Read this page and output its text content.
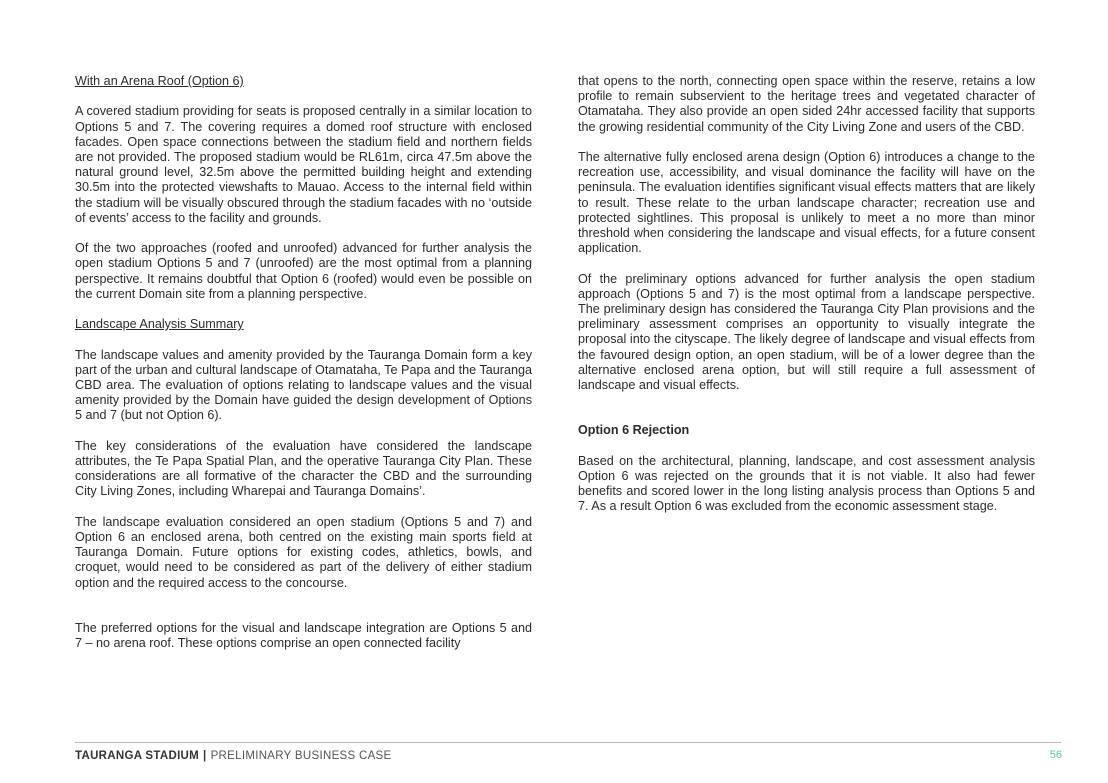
With an Arena Roof (Option 6)

A covered stadium providing for seats is proposed centrally in a similar location to Options 5 and 7. The covering requires a domed roof structure with enclosed facades. Open space connections between the stadium field and northern fields are not provided. The proposed stadium would be RL61m, circa 47.5m above the natural ground level, 32.5m above the permitted building height and extending 30.5m into the protected viewshafts to Mauao. Access to the internal field within the stadium will be visually obscured through the stadium facades with no ‘outside of events’ access to the facility and grounds.

Of the two approaches (roofed and unroofed) advanced for further analysis the open stadium Options 5 and 7 (unroofed) are the most optimal from a planning perspective. It remains doubtful that Option 6 (roofed) would even be possible on the current Domain site from a planning perspective.

Landscape Analysis Summary

The landscape values and amenity provided by the Tauranga Domain form a key part of the urban and cultural landscape of Otamataha, Te Papa and the Tauranga CBD area. The evaluation of options relating to landscape values and the visual amenity provided by the Domain have guided the design development of Options 5 and 7 (but not Option 6).

The key considerations of the evaluation have considered the landscape attributes, the Te Papa Spatial Plan, and the operative Tauranga City Plan. These considerations are all formative of the character the CBD and the surrounding City Living Zones, including Wharepai and Tauranga Domains’.

The landscape evaluation considered an open stadium (Options 5 and 7) and Option 6 an enclosed arena, both centred on the existing main sports field at Tauranga Domain. Future options for existing codes, athletics, bowls, and croquet, would need to be considered as part of the delivery of either stadium option and the required access to the concourse.

The preferred options for the visual and landscape integration are Options 5 and 7 – no arena roof. These options comprise an open connected facility

that opens to the north, connecting open space within the reserve, retains a low profile to remain subservient to the heritage trees and vegetated character of Otamataha. They also provide an open sided 24hr accessed facility that supports the growing residential community of the City Living Zone and users of the CBD.

The alternative fully enclosed arena design (Option 6) introduces a change to the recreation use, accessibility, and visual dominance the facility will have on the peninsula. The evaluation identifies significant visual effects matters that are likely to result. These relate to the urban landscape character; recreation use and protected sightlines. This proposal is unlikely to meet a no more than minor threshold when considering the landscape and visual effects, for a future consent application.

Of the preliminary options advanced for further analysis the open stadium approach (Options 5 and 7) is the most optimal from a landscape perspective. The preliminary design has considered the Tauranga City Plan provisions and the preliminary assessment comprises an opportunity to visually integrate the proposal into the cityscape. The likely degree of landscape and visual effects from the favoured design option, an open stadium, will be of a lower degree than the alternative enclosed arena option, but will still require a full assessment of landscape and visual effects.

Option 6 Rejection

Based on the architectural, planning, landscape, and cost assessment analysis Option 6 was rejected on the grounds that it is not viable. It also had fewer benefits and scored lower in the long listing analysis process than Options 5 and 7. As a result Option 6 was excluded from the economic assessment stage.

TAURANGA STADIUM | PRELIMINARY BUSINESS CASE	56
